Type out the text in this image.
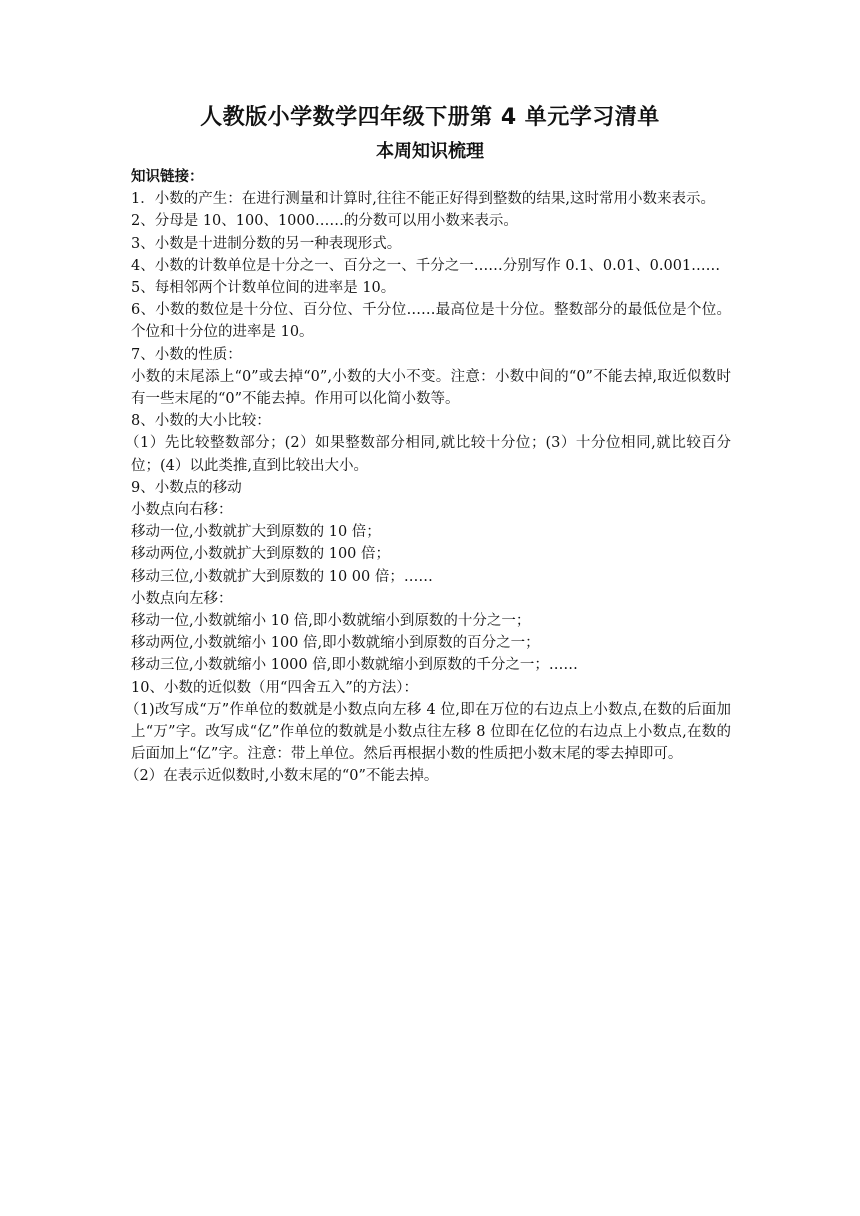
人教版小学数学四年级下册第 4 单元学习清单
本周知识梳理
知识链接：
1．小数的产生：在进行测量和计算时,往往不能正好得到整数的结果,这时常用小数来表示。
2、分母是 10、100、1000……的分数可以用小数来表示。
3、小数是十进制分数的另一种表现形式。
4、小数的计数单位是十分之一、百分之一、千分之一……分别写作 0.1、0.01、0.001……
5、每相邻两个计数单位间的进率是 10。
6、小数的数位是十分位、百分位、千分位……最高位是十分位。整数部分的最低位是个位。个位和十分位的进率是 10。
7、小数的性质：
小数的末尾添上“0”或去掉“0”,小数的大小不变。注意：小数中间的“0”不能去掉,取近似数时有一些末尾的“0”不能去掉。作用可以化简小数等。
8、小数的大小比较：
（1）先比较整数部分；(2）如果整数部分相同,就比较十分位；(3）十分位相同,就比较百分位；(4）以此类推,直到比较出大小。
9、小数点的移动
小数点向右移：
移动一位,小数就扩大到原数的 10 倍；
移动两位,小数就扩大到原数的 100 倍；
移动三位,小数就扩大到原数的 10 00 倍；……
小数点向左移：
移动一位,小数就缩小 10 倍,即小数就缩小到原数的十分之一；
移动两位,小数就缩小 100 倍,即小数就缩小到原数的百分之一；
移动三位,小数就缩小 1000 倍,即小数就缩小到原数的千分之一；……
10、小数的近似数（用“四舍五入”的方法）：
（1)改写成“万”作单位的数就是小数点向左移 4 位,即在万位的右边点上小数点,在数的后面加上“万”字。改写成“亿”作单位的数就是小数点往左移 8 位即在亿位的右边点上小数点,在数的后面加上“亿”字。注意：带上单位。然后再根据小数的性质把小数末尾的零去掉即可。
（2）在表示近似数时,小数末尾的“0”不能去掉。
